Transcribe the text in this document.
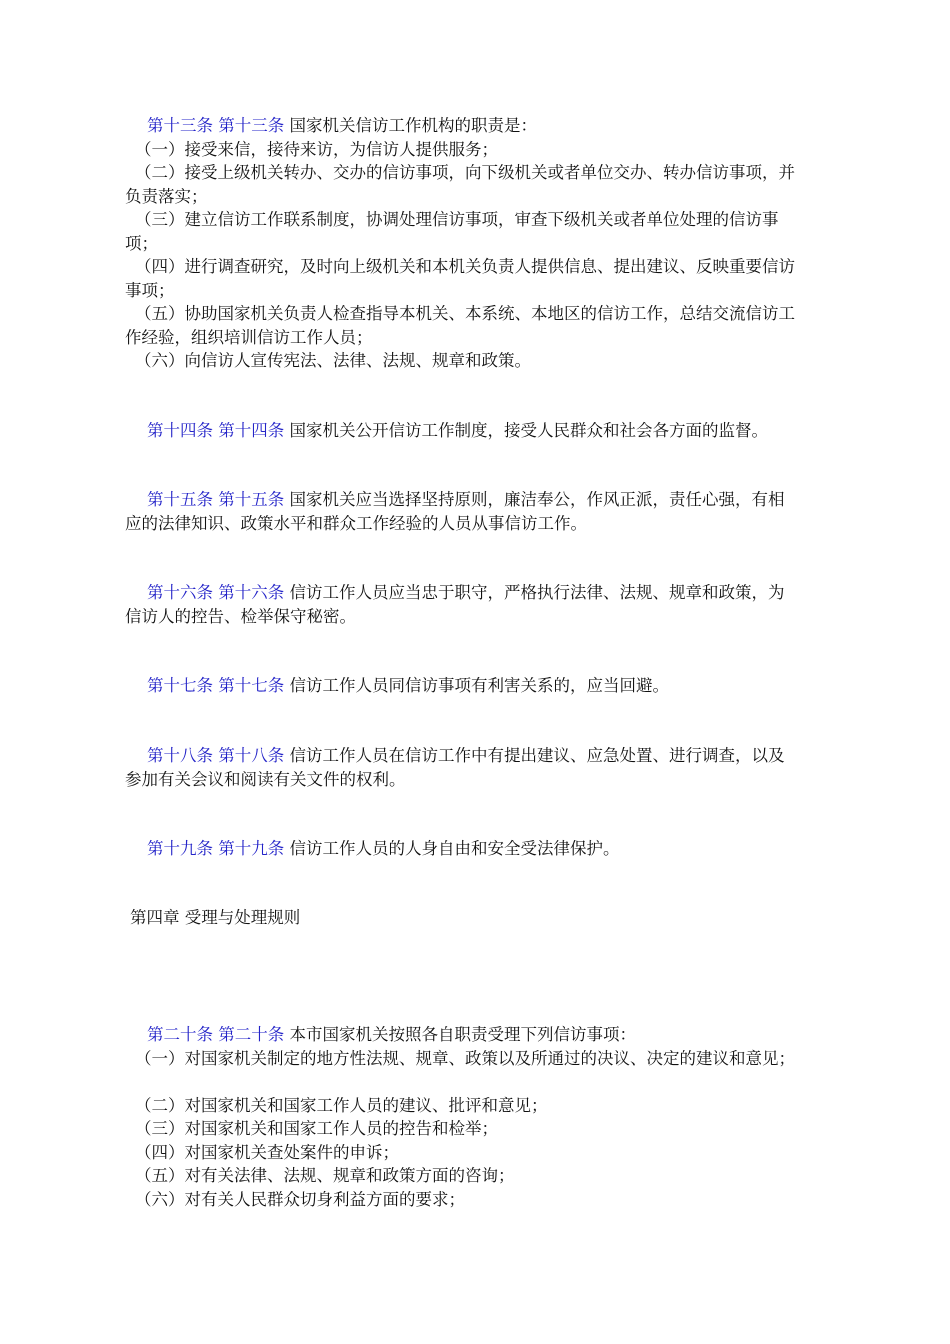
第十三条 第十三条 国家机关信访工作机构的职责是：
（一）接受来信，接待来访，为信访人提供服务；
（二）接受上级机关转办、交办的信访事项，向下级机关或者单位交办、转办信访事项，并
负责落实；
（三）建立信访工作联系制度，协调处理信访事项，审查下级机关或者单位处理的信访事
项；
（四）进行调查研究，及时向上级机关和本机关负责人提供信息、提出建议、反映重要信访
事项；
（五）协助国家机关负责人检查指导本机关、本系统、本地区的信访工作，总结交流信访工
作经验，组织培训信访工作人员；
（六）向信访人宣传宪法、法律、法规、规章和政策。
第十四条 第十四条 国家机关公开信访工作制度，接受人民群众和社会各方面的监督。
第十五条 第十五条 国家机关应当选择坚持原则，廉洁奉公，作风正派，责任心强，有相
应的法律知识、政策水平和群众工作经验的人员从事信访工作。
第十六条 第十六条 信访工作人员应当忠于职守，严格执行法律、法规、规章和政策，为
信访人的控告、检举保守秘密。
第十七条 第十七条 信访工作人员同信访事项有利害关系的，应当回避。
第十八条 第十八条 信访工作人员在信访工作中有提出建议、应急处置、进行调查，以及
参加有关会议和阅读有关文件的权利。
第十九条 第十九条 信访工作人员的人身自由和安全受法律保护。
第四章 受理与处理规则
第二十条 第二十条 本市国家机关按照各自职责受理下列信访事项：
（一）对国家机关制定的地方性法规、规章、政策以及所通过的决议、决定的建议和意见；
（二）对国家机关和国家工作人员的建议、批评和意见；
（三）对国家机关和国家工作人员的控告和检举；
（四）对国家机关查处案件的申诉；
（五）对有关法律、法规、规章和政策方面的咨询；
（六）对有关人民群众切身利益方面的要求；
